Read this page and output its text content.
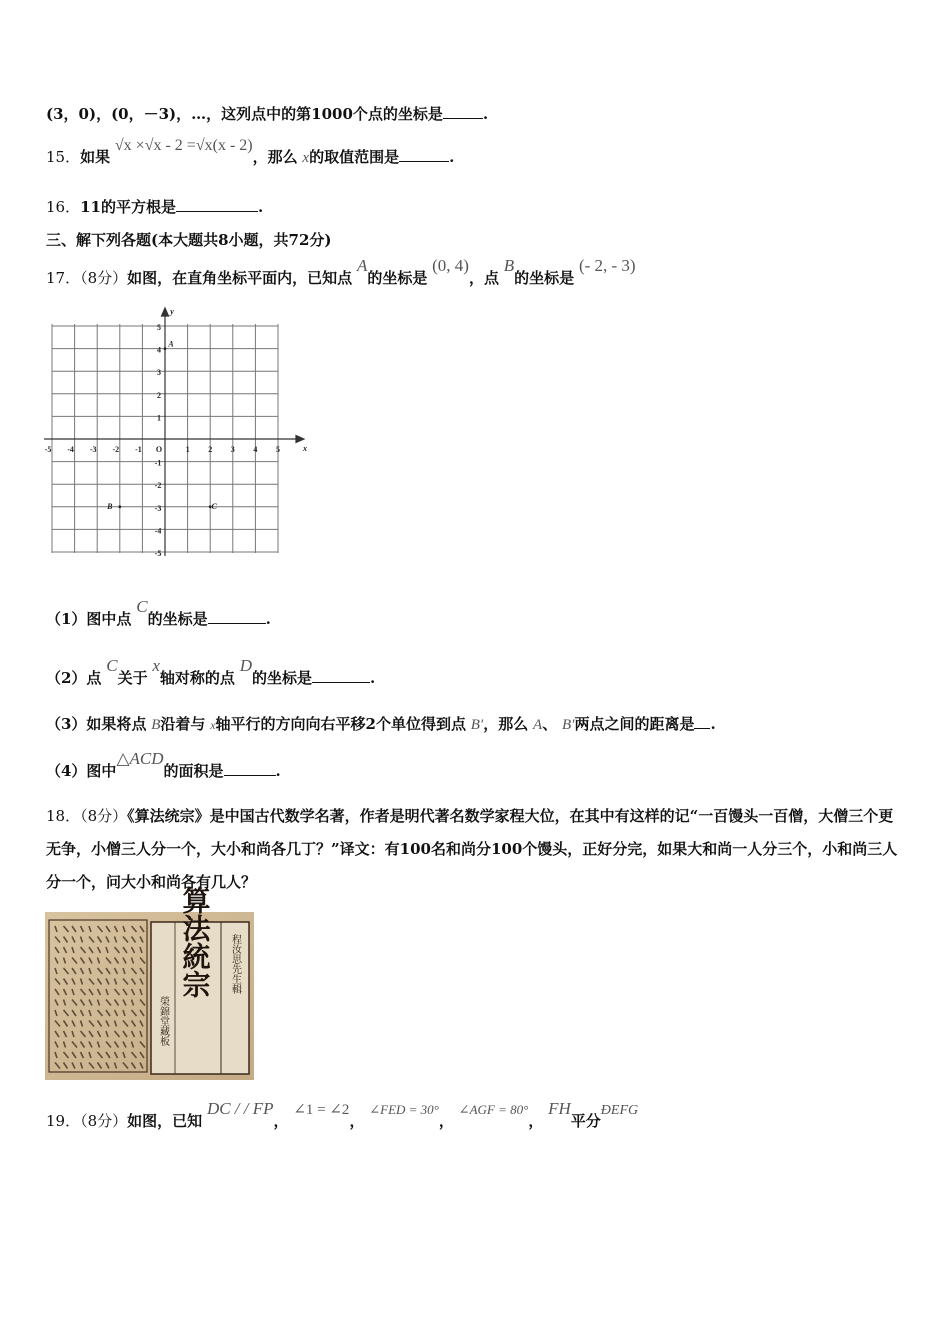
(3，0)，(0，－3)，…，这列点中的第1000个点的坐标是	.
15．如果 √x ×√x - 2 =√x(x - 2)，那么 x的取值范围是	.
16．11的平方根是	.
三、解下列各题(本大题共8小题，共72分)
17．（8分）如图，在直角坐标平面内，已知点 A的坐标是 (0, 4)，点 B的坐标是 (- 2, - 3)
-5 -4 -3 -2 -1 O	1 2 3 4 5
5
4
3
2
1
-1
-2
-3
-4
-5
x
y
A
B	C
（1）图中点 C的坐标是	.
（2）点 C关于 x轴对称的点 D的坐标是	.
（3）如果将点 B沿着与 x轴平行的方向向右平移2个单位得到点 B′，那么 A、 B′两点之间的距离是 .
（4）图中△ACD的面积是	.
18．（8分）《算法统宗》是中国古代数学名著，作者是明代著名数学家程大位，在其中有这样的记“一百馒头一百僧，大僧三个更无争，小僧三人分一个，大小和尚各几丁？”译文：有100名和尚分100个馒头，正好分完，如果大和尚一人分三个，小和尚三人分一个，问大小和尚各有几人？
算法統宗 程汝思先生輯
榮錦堂藏板
19．（8分）如图，已知 DC / / FP， ∠1 = ∠2， ∠FED = 30°， ∠AGF = 80°， FH平分ÐEFG
